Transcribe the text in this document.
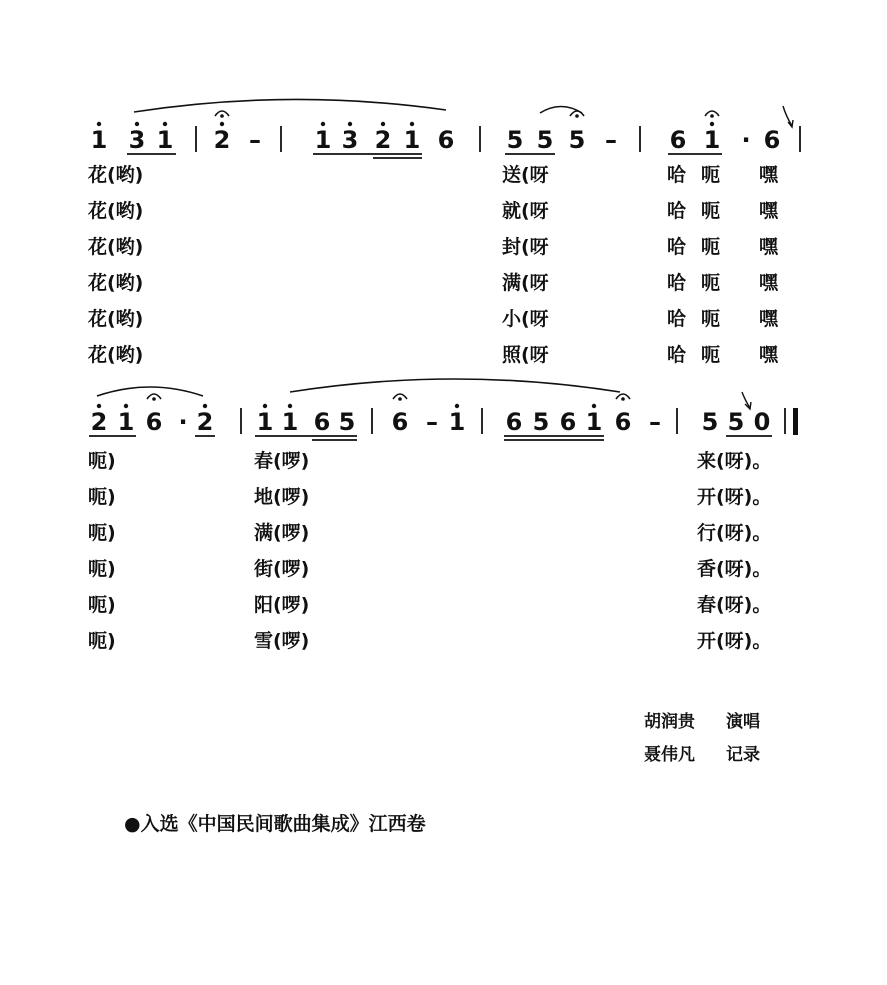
1 3 1 2 – 1 3 2 1 6 5 5 5 – 6 1 · 6
花(哟)
花(哟)
花(哟)
花(哟)
花(哟)
花(哟)
送(呀
就(呀
封(呀
满(呀
小(呀
照(呀
哈
哈
哈
哈
哈
哈
呃
呃
呃
呃
呃
呃
嘿
嘿
嘿
嘿
嘿
嘿
2 1 6 · 2 1 1 6 5 6 – 1 6 5 6 1 6 – 5 5 0
呃)
呃)
呃)
呃)
呃)
呃)
春(啰)
地(啰)
满(啰)
街(啰)
阳(啰)
雪(啰)
来(呀)。
开(呀)。
行(呀)。
香(呀)。
春(呀)。
开(呀)。
胡润贵 演唱
聂伟凡 记录
●入选《中国民间歌曲集成》江西卷
